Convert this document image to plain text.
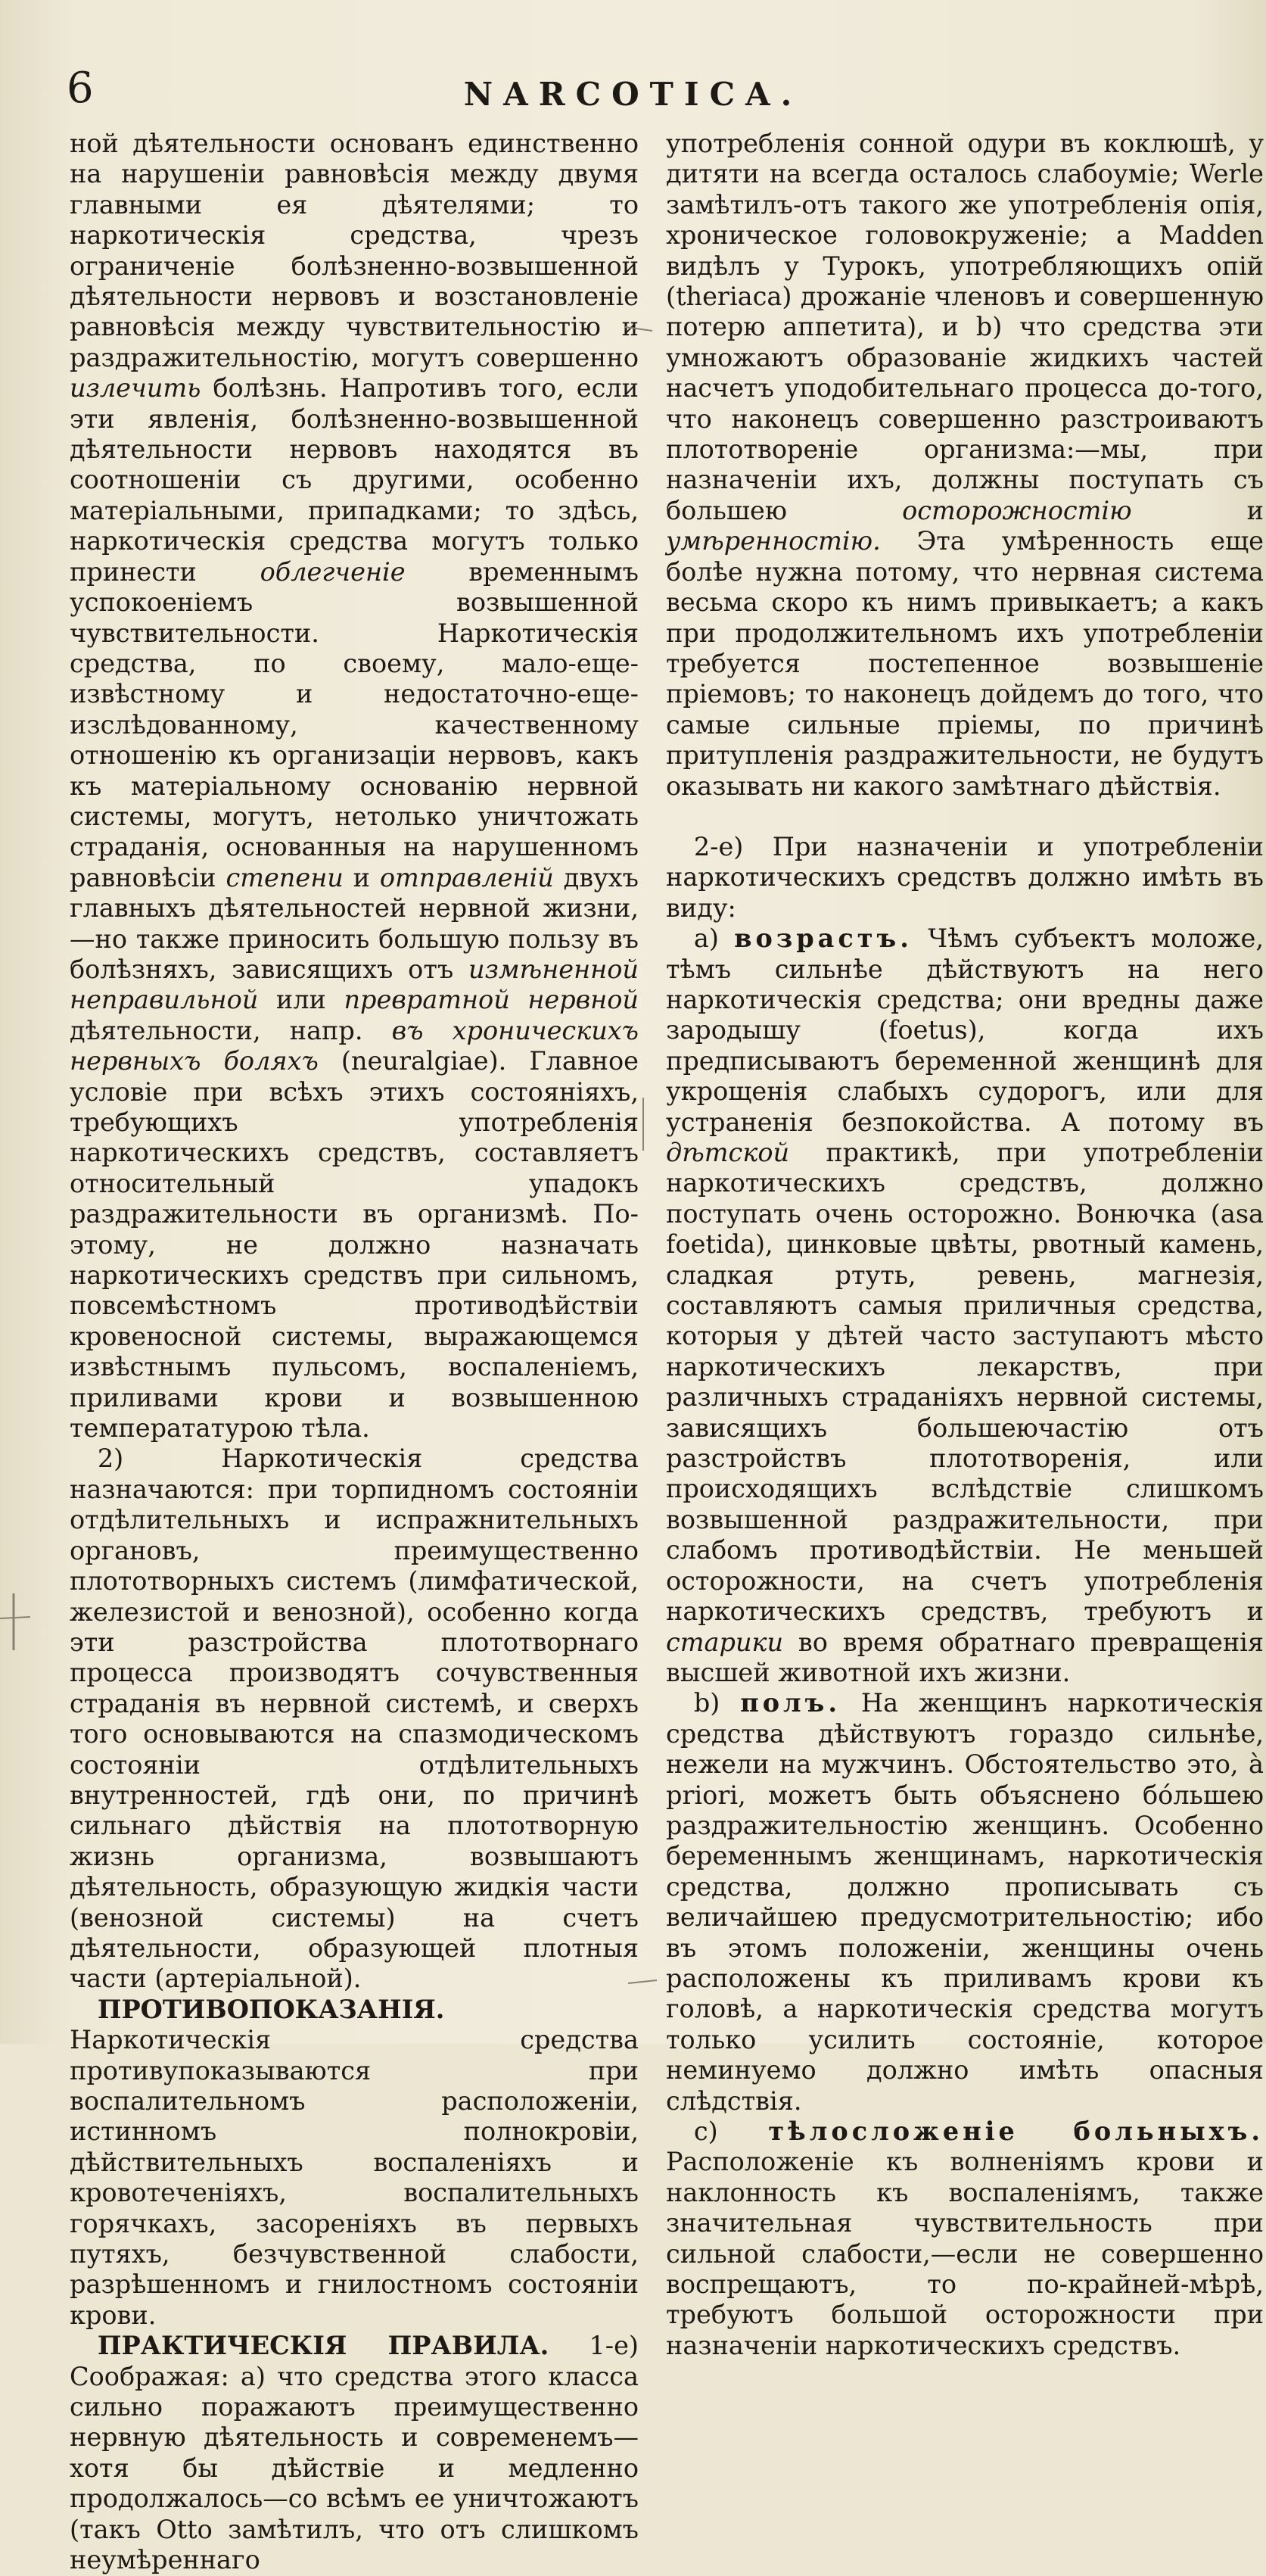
6	NARCOTICA.

ной дѣятельности основанъ единственно на нарушеніи равновѣсія между двумя главными ея дѣятелями; то наркотическія средства, чрезъ ограниченіе болѣзненно-возвышенной дѣятельности нервовъ и возстановленіе равновѣсія между чувствительностію и раздражительностію, могутъ совершенно излечить болѣзнь. Напротивъ того, если эти явленія, болѣзненно-возвышенной дѣятельности нервовъ находятся въ соотношеніи съ другими, особенно матеріальными, припадками; то здѣсь, наркотическія средства могутъ только принести облегченіе временнымъ успокоеніемъ возвышенной чувствительности. Наркотическія средства, по своему, мало-еще-извѣстному и недостаточно-еще-изслѣдованному, качественному отношенію къ организаціи нервовъ, какъ къ матеріальному основанію нервной системы, могутъ, нетолько уничтожать страданія, основанныя на нарушенномъ равновѣсіи степени и отправленій двухъ главныхъ дѣятельностей нервной жизни,—но также приносить большую пользу въ болѣзняхъ, зависящихъ отъ измѣненной неправильной или превратной нервной дѣятельности, напр. въ хроническихъ нервныхъ боляхъ (neuralgiae). Главное условіе при всѣхъ этихъ состояніяхъ, требующихъ употребленія наркотическихъ средствъ, составляетъ относительный упадокъ раздражительности въ организмѣ. По-этому, не должно назначать наркотическихъ средствъ при сильномъ, повсемѣстномъ противодѣйствіи кровеносной системы, выражающемся извѣстнымъ пульсомъ, воспаленіемъ, приливами крови и возвышенною температатурою тѣла.

2) Наркотическія средства назначаются: при торпидномъ состояніи отдѣлительныхъ и испражнительныхъ органовъ, преимущественно плототворныхъ системъ (лимфатической, железистой и венозной), особенно когда эти разстройства плототворнаго процесса производятъ сочувственныя страданія въ нервной системѣ, и сверхъ того основываются на спазмодическомъ состояніи отдѣлительныхъ внутренностей, гдѣ они, по причинѣ сильнаго дѣйствія на плототворную жизнь организма, возвышаютъ дѣятельность, образующую жидкія части (венозной системы) на счетъ дѣятельности, образующей плотныя части (артеріальной).

ПРОТИВОПОКАЗАНІЯ. Наркотическія средства противупоказываются при воспалительномъ расположеніи, истинномъ полнокровіи, дѣйствительныхъ воспаленіяхъ и кровотеченіяхъ, воспалительныхъ горячкахъ, засореніяхъ въ первыхъ путяхъ, безчувственной слабости, разрѣшенномъ и гнилостномъ состояніи крови.

ПРАКТИЧЕСКІЯ ПРАВИЛА. 1-е) Соображая: а) что средства этого класса сильно поражаютъ преимущественно нервную дѣятельность и современемъ—хотя бы дѣйствіе и медленно продолжалось—со всѣмъ ее уничтожаютъ (такъ Otto замѣтилъ, что отъ слишкомъ неумѣреннаго

употребленія сонной одури въ коклюшѣ, у дитяти на всегда осталось слабоуміе; Werle замѣтилъ-отъ такого же употребленія опія, хроническое головокруженіе; а Madden видѣлъ у Турокъ, употребляющихъ опій (theriaca) дрожаніе членовъ и совершенную потерю аппетита), и b) что средства эти умножаютъ образованіе жидкихъ частей насчетъ уподобительнаго процесса до-того, что наконецъ совершенно разстроиваютъ плототвореніе организма:—мы, при назначеніи ихъ, должны поступать съ большею осторожностію и умѣренностію. Эта умѣренность еще болѣе нужна потому, что нервная система весьма скоро къ нимъ привыкаетъ; а какъ при продолжительномъ ихъ употребленіи требуется постепенное возвышеніе пріемовъ; то наконецъ дойдемъ до того, что самые сильные пріемы, по причинѣ притупленія раздражительности, не будутъ оказывать ни какого замѣтнаго дѣйствія.

2-е) При назначеніи и употребленіи наркотическихъ средствъ должно имѣть въ виду:

а) возрастъ. Чѣмъ субъектъ моложе, тѣмъ сильнѣе дѣйствуютъ на него наркотическія средства; они вредны даже зародышу (foetus), когда ихъ предписываютъ беременной женщинѣ для укрощенія слабыхъ судорогъ, или для устраненія безпокойства. А потому въ дѣтской практикѣ, при употребленіи наркотическихъ средствъ, должно поступать очень осторожно. Вонючка (asa foetida), цинковые цвѣты, рвотный камень, сладкая ртуть, ревень, магнезія, составляютъ самыя приличныя средства, которыя у дѣтей часто заступаютъ мѣсто наркотическихъ лекарствъ, при различныхъ страданіяхъ нервной системы, зависящихъ большеючастію отъ разстройствъ плототворенія, или происходящихъ вслѣдствіе слишкомъ возвышенной раздражительности, при слабомъ противодѣйствіи. Не меньшей осторожности, на счетъ употребленія наркотическихъ средствъ, требуютъ и старики во время обратнаго превращенія высшей животной ихъ жизни.

b) полъ. На женщинъ наркотическія средства дѣйствуютъ гораздо сильнѣе, нежели на мужчинъ. Обстоятельство это, à priori, можетъ быть объяснено бóльшею раздражительностію женщинъ. Особенно беременнымъ женщинамъ, наркотическія средства, должно прописывать съ величайшею предусмотрительностію; ибо въ этомъ положеніи, женщины очень расположены къ приливамъ крови къ головѣ, а наркотическія средства могутъ только усилить состояніе, которое неминуемо должно имѣть опасныя слѣдствія.

c) тѣлосложеніе больныхъ. Расположеніе къ волненіямъ крови и наклонность къ воспаленіямъ, также значительная чувствительность при сильной слабости,—если не совершенно воспрещаютъ, то по-крайней-мѣрѣ, требуютъ большой осторожности при назначеніи наркотическихъ средствъ.
